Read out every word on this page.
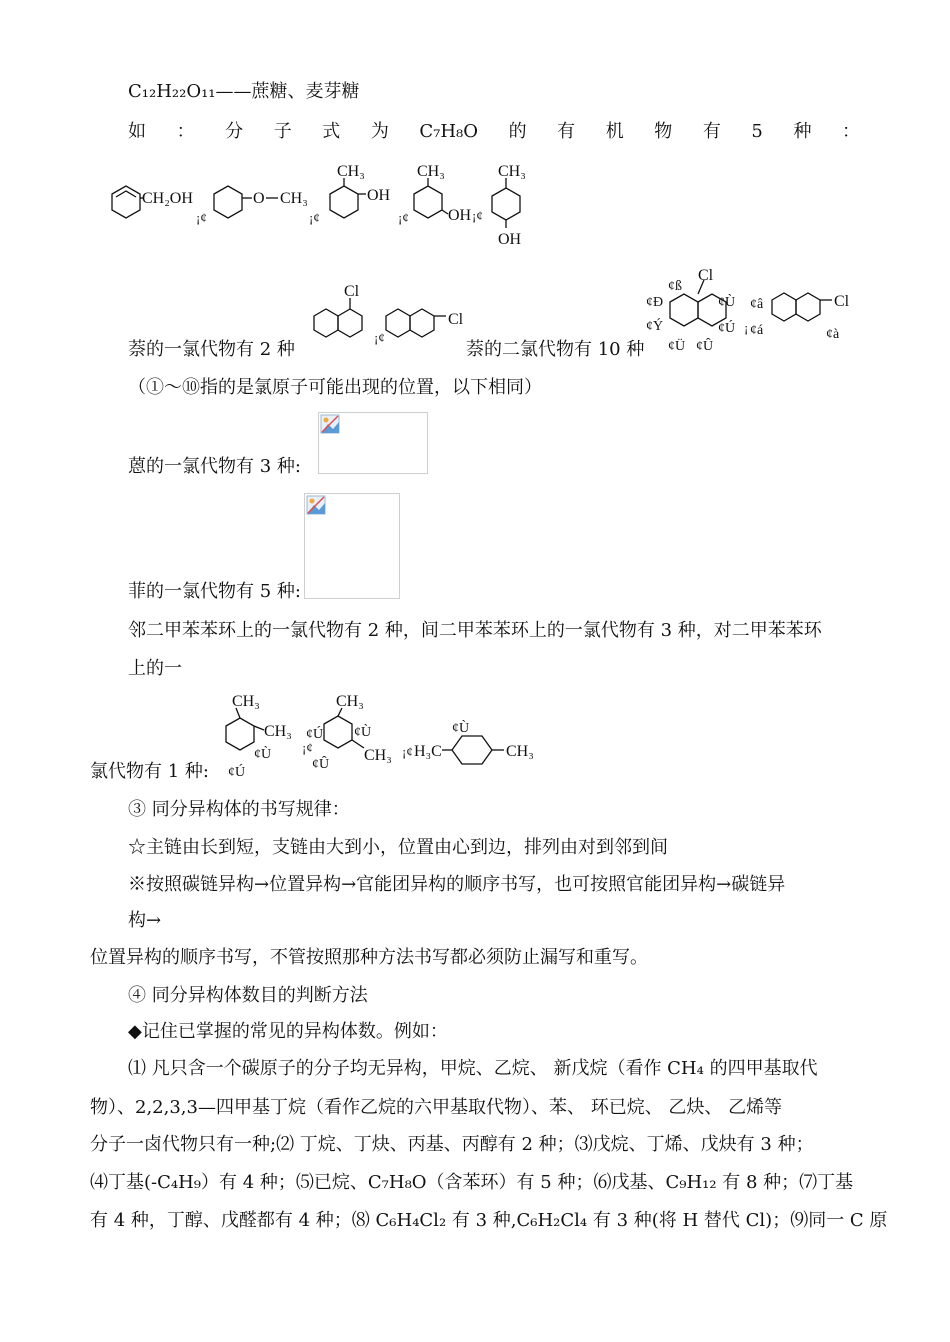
C₁₂H₂₂O₁₁——蔗糖、麦芽糖
如 ： 分 子 式 为 C₇H₈O 的 有 机 物 有 5 种 ：
CH₂OH
¡¢
O CH₃
¡¢
CH₃
OH
¡¢
CH₃
OH ¡¢
CH₃
OH
萘的一氯代物有 2 种	萘的二氯代物有 10 种
Cl
¡¢
Cl
Cl
¢ß
¢Ð	¢Ù
¢Ý	¢Ú
¢Ü ¢Û
¡
Cl
¢â
¢á	¢à
（①～⑩指的是氯原子可能出现的位置，以下相同）
蒽的一氯代物有 3 种:
菲的一氯代物有 5 种:
邻二甲苯苯环上的一氯代物有 2 种，间二甲苯苯环上的一氯代物有 3 种，对二甲苯苯环
上的一
氯代物有 1 种:
CH₃
CH₃
¢Ù
¢Ú
¡¢
CH₃
CH₃
¢Ú ¢Ù
¢Û
¡¢ H₃C	CH₃
¢Ù
③ 同分异构体的书写规律：
☆主链由长到短，支链由大到小，位置由心到边，排列由对到邻到间
※按照碳链异构→位置异构→官能团异构的顺序书写，也可按照官能团异构→碳链异
构→
位置异构的顺序书写，不管按照那种方法书写都必须防止漏写和重写。
④ 同分异构体数目的判断方法
◆记住已掌握的常见的异构体数。例如：
⑴ 凡只含一个碳原子的分子均无异构，甲烷、乙烷、 新戊烷（看作 CH₄ 的四甲基取代
物）、2,2,3,3—四甲基丁烷（看作乙烷的六甲基取代物）、苯、 环已烷、 乙炔、 乙烯等
分子一卤代物只有一种;⑵ 丁烷、丁炔、丙基、丙醇有 2 种；⑶戊烷、丁烯、戊炔有 3 种；
⑷丁基(-C₄H₉）有 4 种；⑸已烷、C₇H₈O（含苯环）有 5 种；⑹戊基、C₉H₁₂ 有 8 种；⑺丁基
有 4 种，丁醇、戊醛都有 4 种；⑻ C₆H₄Cl₂ 有 3 种,C₆H₂Cl₄ 有 3 种(将 H 替代 Cl)；⑼同一 C 原
